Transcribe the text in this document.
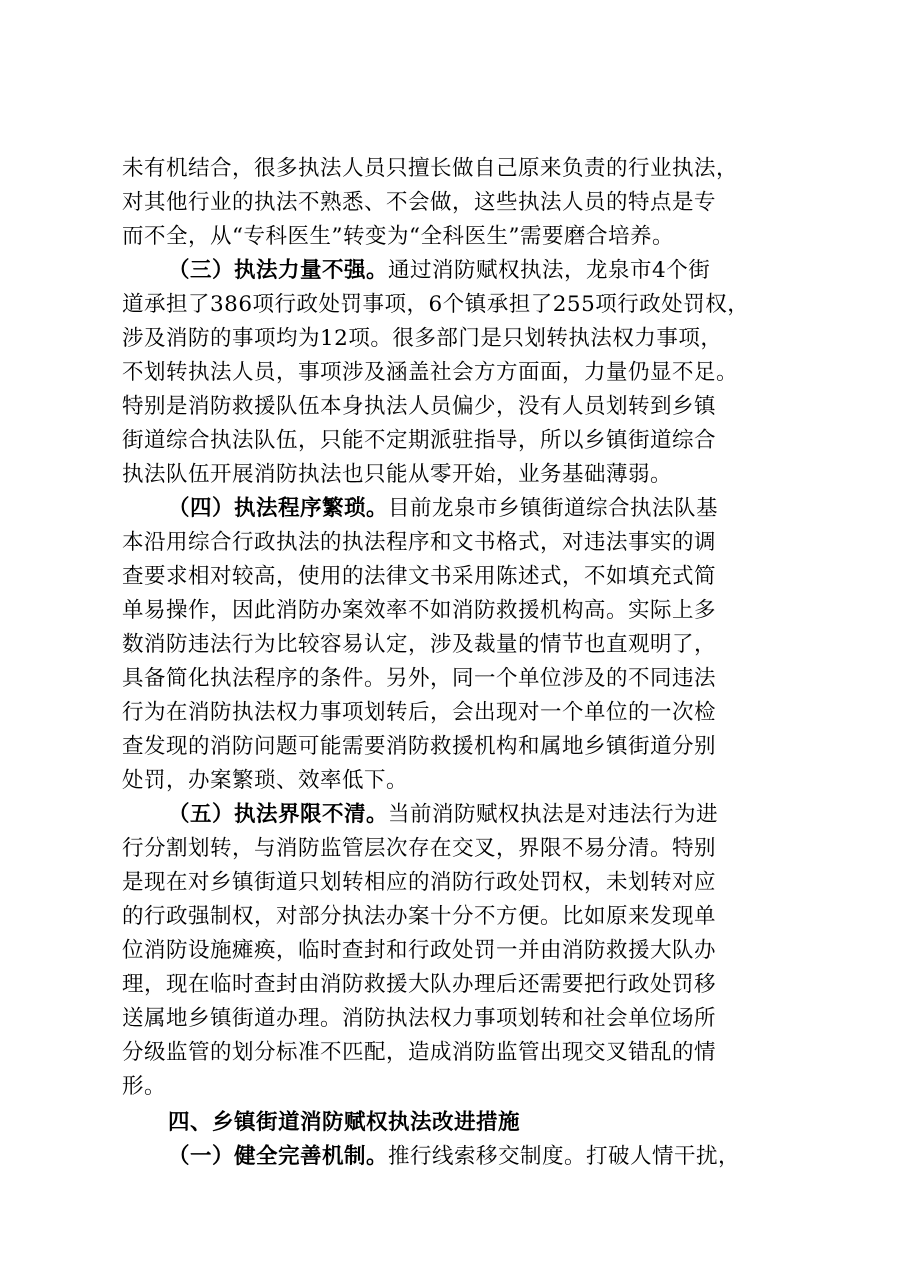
未有机结合，很多执法人员只擅长做自己原来负责的行业执法，
对其他行业的执法不熟悉、不会做，这些执法人员的特点是专
而不全，从“专科医生”转变为“全科医生”需要磨合培养。
（三）执法力量不强。通过消防赋权执法，龙泉市4个街
道承担了386项行政处罚事项，6个镇承担了255项行政处罚权，
涉及消防的事项均为12项。很多部门是只划转执法权力事项，
不划转执法人员，事项涉及涵盖社会方方面面，力量仍显不足。
特别是消防救援队伍本身执法人员偏少，没有人员划转到乡镇
街道综合执法队伍，只能不定期派驻指导，所以乡镇街道综合
执法队伍开展消防执法也只能从零开始，业务基础薄弱。
（四）执法程序繁琐。目前龙泉市乡镇街道综合执法队基
本沿用综合行政执法的执法程序和文书格式，对违法事实的调
查要求相对较高，使用的法律文书采用陈述式，不如填充式简
单易操作，因此消防办案效率不如消防救援机构高。实际上多
数消防违法行为比较容易认定，涉及裁量的情节也直观明了，
具备简化执法程序的条件。另外，同一个单位涉及的不同违法
行为在消防执法权力事项划转后，会出现对一个单位的一次检
查发现的消防问题可能需要消防救援机构和属地乡镇街道分别
处罚，办案繁琐、效率低下。
（五）执法界限不清。当前消防赋权执法是对违法行为进
行分割划转，与消防监管层次存在交叉，界限不易分清。特别
是现在对乡镇街道只划转相应的消防行政处罚权，未划转对应
的行政强制权，对部分执法办案十分不方便。比如原来发现单
位消防设施瘫痪，临时查封和行政处罚一并由消防救援大队办
理，现在临时查封由消防救援大队办理后还需要把行政处罚移
送属地乡镇街道办理。消防执法权力事项划转和社会单位场所
分级监管的划分标准不匹配，造成消防监管出现交叉错乱的情
形。
四、乡镇街道消防赋权执法改进措施
（一）健全完善机制。推行线索移交制度。打破人情干扰，
